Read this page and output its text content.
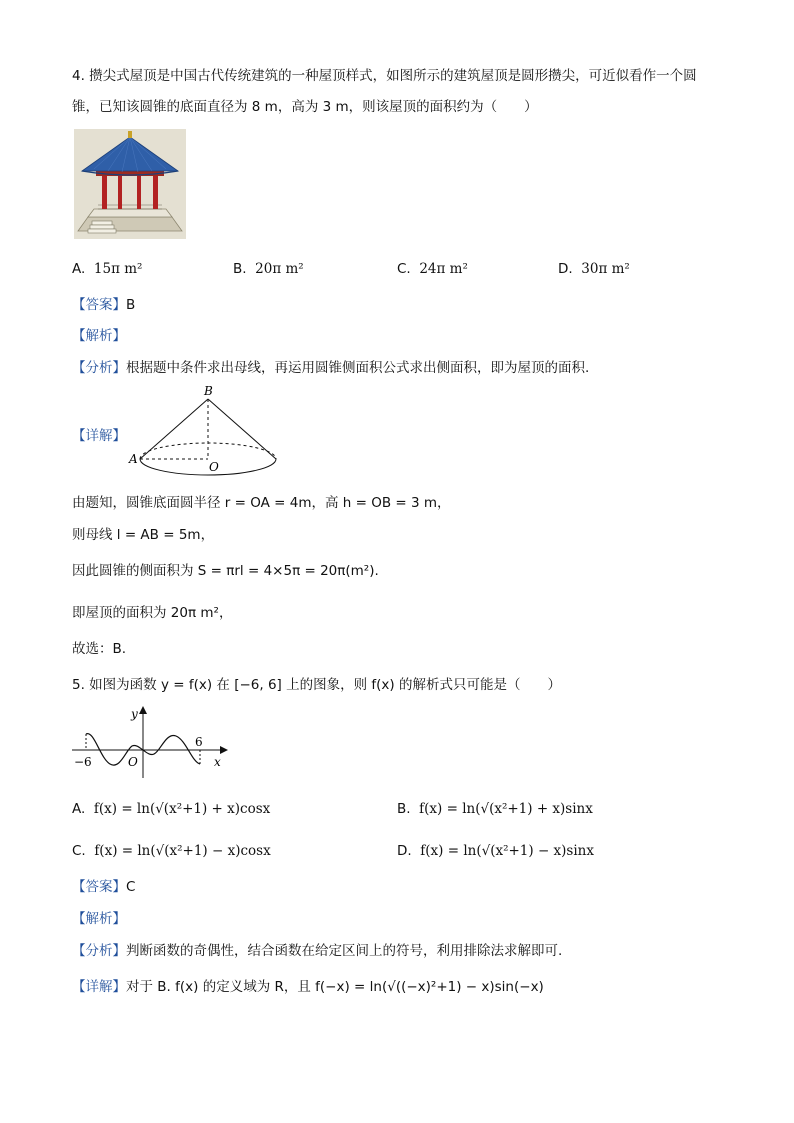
4. 攒尖式屋顶是中国古代传统建筑的一种屋顶样式，如图所示的建筑屋顶是圆形攒尖，可近似看作一个圆
锥，已知该圆锥的底面直径为 8 m，高为 3 m，则该屋顶的面积约为（　　）
A. 15π m²	B. 20π m²	C. 24π m²	D. 30π m²
【答案】B
【解析】
【分析】根据题中条件求出母线，再运用圆锥侧面积公式求出侧面积，即为屋顶的面积.
【详解】
B
A
O
由题知，圆锥底面圆半径 r = OA = 4m，高 h = OB = 3 m，
则母线 l = AB = 5m，
因此圆锥的侧面积为 S = πrl = 4×5π = 20π(m²).
即屋顶的面积为 20π m²，
故选：B.
5. 如图为函数 y = f(x) 在 [−6, 6] 上的图象，则 f(x) 的解析式只可能是（　　）
y
x
O
−6
6
A. f(x) = ln(√(x²+1) + x)cosx	B. f(x) = ln(√(x²+1) + x)sinx
C. f(x) = ln(√(x²+1) − x)cosx	D. f(x) = ln(√(x²+1) − x)sinx
【答案】C
【解析】
【分析】判断函数的奇偶性，结合函数在给定区间上的符号，利用排除法求解即可.
【详解】对于 B. f(x) 的定义域为 R，且 f(−x) = ln(√((−x)²+1) − x)sin(−x)
